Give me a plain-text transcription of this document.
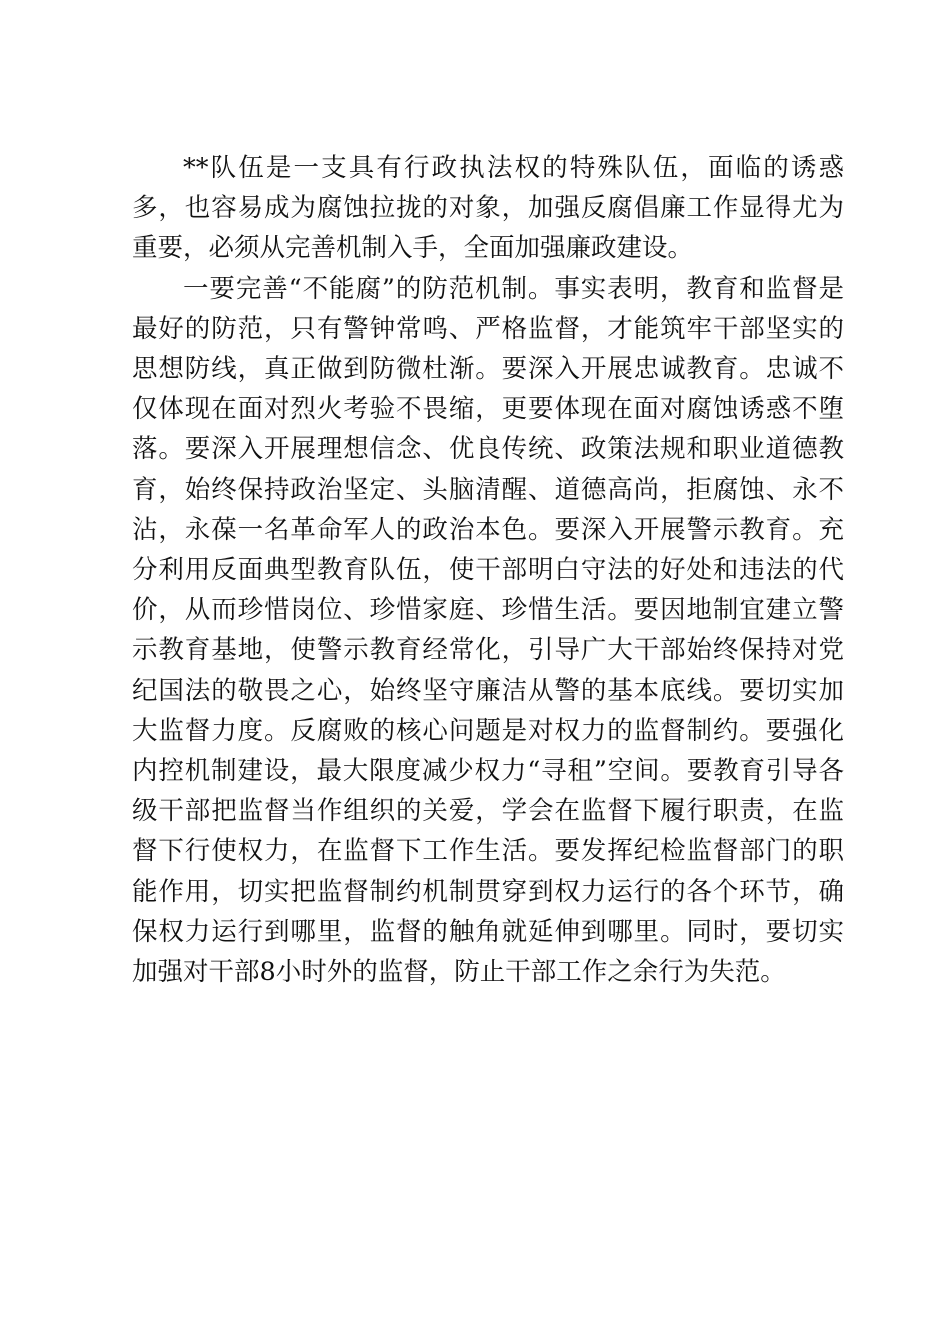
**队伍是一支具有行政执法权的特殊队伍，面临的诱惑多，也容易成为腐蚀拉拢的对象，加强反腐倡廉工作显得尤为重要，必须从完善机制入手，全面加强廉政建设。

一要完善“不能腐”的防范机制。事实表明，教育和监督是最好的防范，只有警钟常鸣、严格监督，才能筑牢干部坚实的思想防线，真正做到防微杜渐。要深入开展忠诚教育。忠诚不仅体现在面对烈火考验不畏缩，更要体现在面对腐蚀诱惑不堕落。要深入开展理想信念、优良传统、政策法规和职业道德教育，始终保持政治坚定、头脑清醒、道德高尚，拒腐蚀、永不沾，永葆一名革命军人的政治本色。要深入开展警示教育。充分利用反面典型教育队伍，使干部明白守法的好处和违法的代价，从而珍惜岗位、珍惜家庭、珍惜生活。要因地制宜建立警示教育基地，使警示教育经常化，引导广大干部始终保持对党纪国法的敬畏之心，始终坚守廉洁从警的基本底线。要切实加大监督力度。反腐败的核心问题是对权力的监督制约。要强化内控机制建设，最大限度减少权力“寻租”空间。要教育引导各级干部把监督当作组织的关爱，学会在监督下履行职责，在监督下行使权力，在监督下工作生活。要发挥纪检监督部门的职能作用，切实把监督制约机制贯穿到权力运行的各个环节，确保权力运行到哪里，监督的触角就延伸到哪里。同时，要切实加强对干部8小时外的监督，防止干部工作之余行为失范。
